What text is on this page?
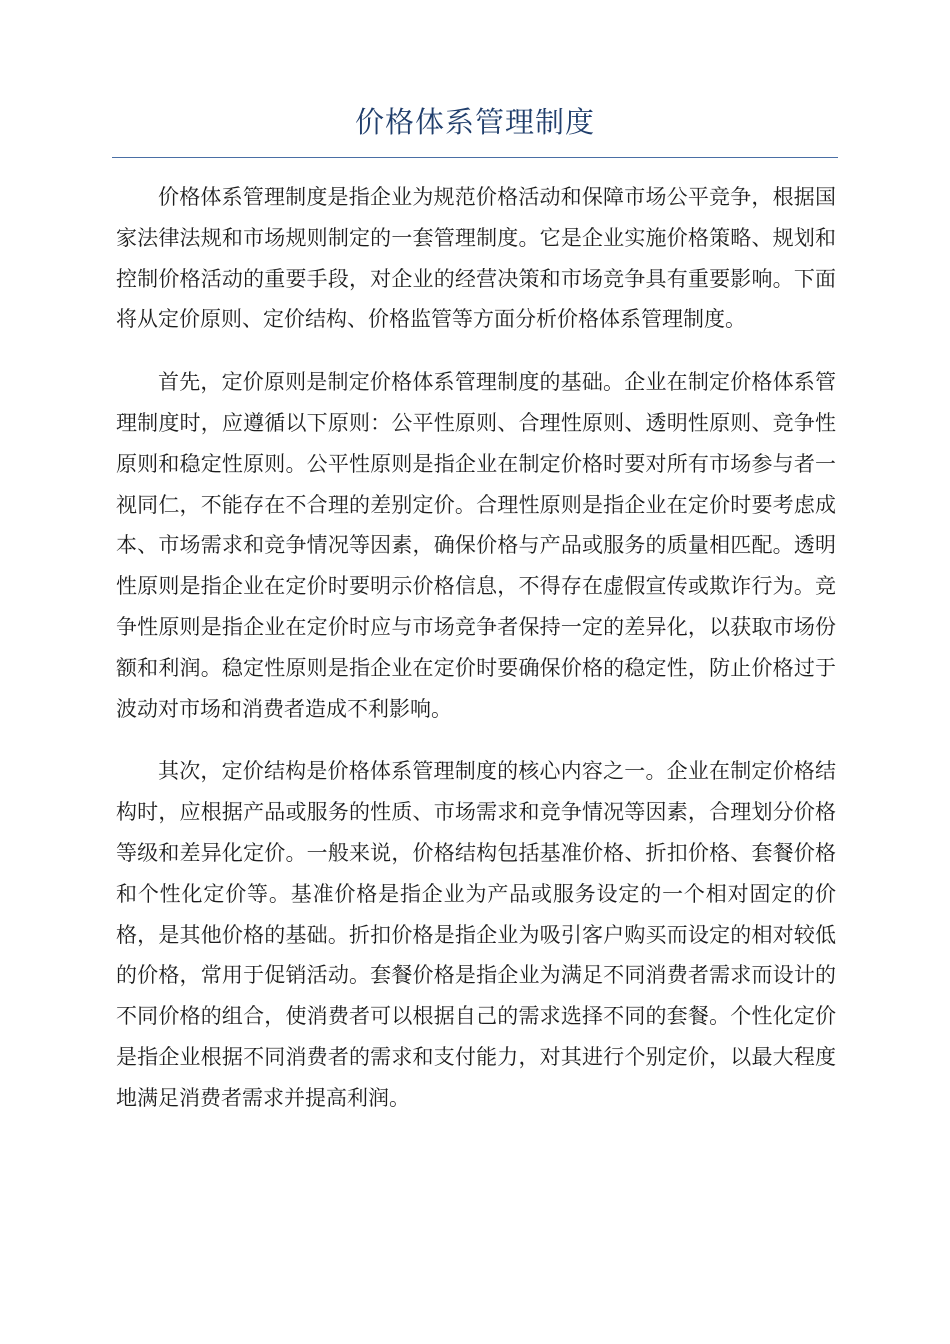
价格体系管理制度

价格体系管理制度是指企业为规范价格活动和保障市场公平竞争，根据国家法律法规和市场规则制定的一套管理制度。它是企业实施价格策略、规划和控制价格活动的重要手段，对企业的经营决策和市场竞争具有重要影响。下面将从定价原则、定价结构、价格监管等方面分析价格体系管理制度。

首先，定价原则是制定价格体系管理制度的基础。企业在制定价格体系管理制度时，应遵循以下原则：公平性原则、合理性原则、透明性原则、竞争性原则和稳定性原则。公平性原则是指企业在制定价格时要对所有市场参与者一视同仁，不能存在不合理的差别定价。合理性原则是指企业在定价时要考虑成本、市场需求和竞争情况等因素，确保价格与产品或服务的质量相匹配。透明性原则是指企业在定价时要明示价格信息，不得存在虚假宣传或欺诈行为。竞争性原则是指企业在定价时应与市场竞争者保持一定的差异化，以获取市场份额和利润。稳定性原则是指企业在定价时要确保价格的稳定性，防止价格过于波动对市场和消费者造成不利影响。

其次，定价结构是价格体系管理制度的核心内容之一。企业在制定价格结构时，应根据产品或服务的性质、市场需求和竞争情况等因素，合理划分价格等级和差异化定价。一般来说，价格结构包括基准价格、折扣价格、套餐价格和个性化定价等。基准价格是指企业为产品或服务设定的一个相对固定的价格，是其他价格的基础。折扣价格是指企业为吸引客户购买而设定的相对较低的价格，常用于促销活动。套餐价格是指企业为满足不同消费者需求而设计的不同价格的组合，使消费者可以根据自己的需求选择不同的套餐。个性化定价是指企业根据不同消费者的需求和支付能力，对其进行个别定价，以最大程度地满足消费者需求并提高利润。
